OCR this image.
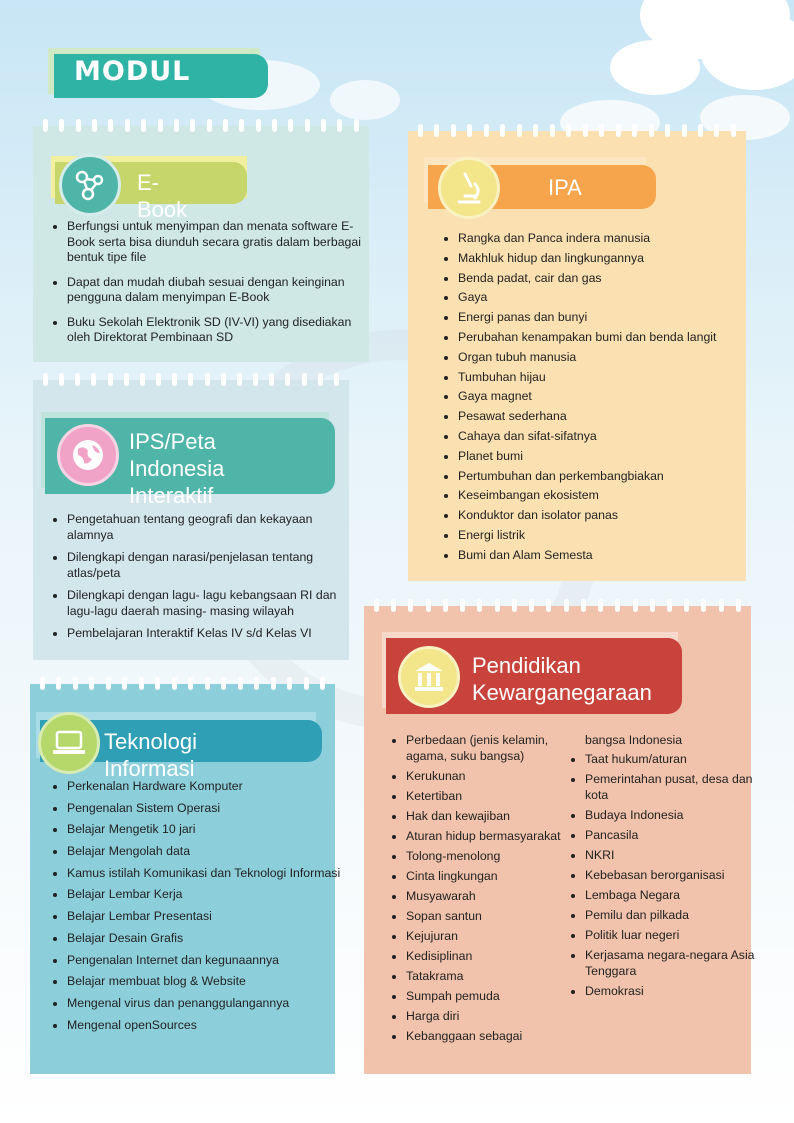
MODUL
E-Book
• Berfungsi untuk menyimpan dan menata software E-Book serta bisa diunduh secara gratis dalam berbagai bentuk tipe file
• Dapat dan mudah diubah sesuai dengan keinginan pengguna dalam menyimpan E-Book
• Buku Sekolah Elektronik SD (IV-VI) yang disediakan oleh Direktorat Pembinaan SD
IPS/Peta Indonesia
Interaktif
• Pengetahuan tentang geografi dan kekayaan alamnya
• Dilengkapi dengan narasi/penjelasan tentang atlas/peta
• Dilengkapi dengan lagu- lagu kebangsaan RI dan lagu-lagu daerah masing- masing wilayah
• Pembelajaran Interaktif Kelas IV s/d Kelas VI
Teknologi Informasi
• Perkenalan Hardware Komputer
• Pengenalan Sistem Operasi
• Belajar Mengetik 10 jari
• Belajar Mengolah data
• Kamus istilah Komunikasi dan Teknologi Informasi
• Belajar Lembar Kerja
• Belajar Lembar Presentasi
• Belajar Desain Grafis
• Pengenalan Internet dan kegunaannya
• Belajar membuat blog & Website
• Mengenal virus dan penanggulangannya
• Mengenal openSources
IPA
• Rangka dan Panca indera manusia
• Makhluk hidup dan lingkungannya
• Benda padat, cair dan gas
• Gaya
• Energi panas dan bunyi
• Perubahan kenampakan bumi dan benda langit
• Organ tubuh manusia
• Tumbuhan hijau
• Gaya magnet
• Pesawat sederhana
• Cahaya dan sifat-sifatnya
• Planet bumi
• Pertumbuhan dan perkembangbiakan
• Keseimbangan ekosistem
• Konduktor dan isolator panas
• Energi listrik
• Bumi dan Alam Semesta
Pendidikan
Kewarganegaraan
• Perbedaan (jenis kelamin, agama, suku bangsa)
• Kerukunan
• Ketertiban
• Hak dan kewajiban
• Aturan hidup bermasyarakat
• Tolong-menolong
• Cinta lingkungan
• Musyawarah
• Sopan santun
• Kejujuran
• Kedisiplinan
• Tatakrama
• Sumpah pemuda
• Harga diri
• Kebanggaan sebagai
bangsa Indonesia
• Taat hukum/aturan
• Pemerintahan pusat, desa dan kota
• Budaya Indonesia
• Pancasila
• NKRI
• Kebebasan berorganisasi
• Lembaga Negara
• Pemilu dan pilkada
• Politik luar negeri
• Kerjasama negara-negara Asia Tenggara
• Demokrasi
